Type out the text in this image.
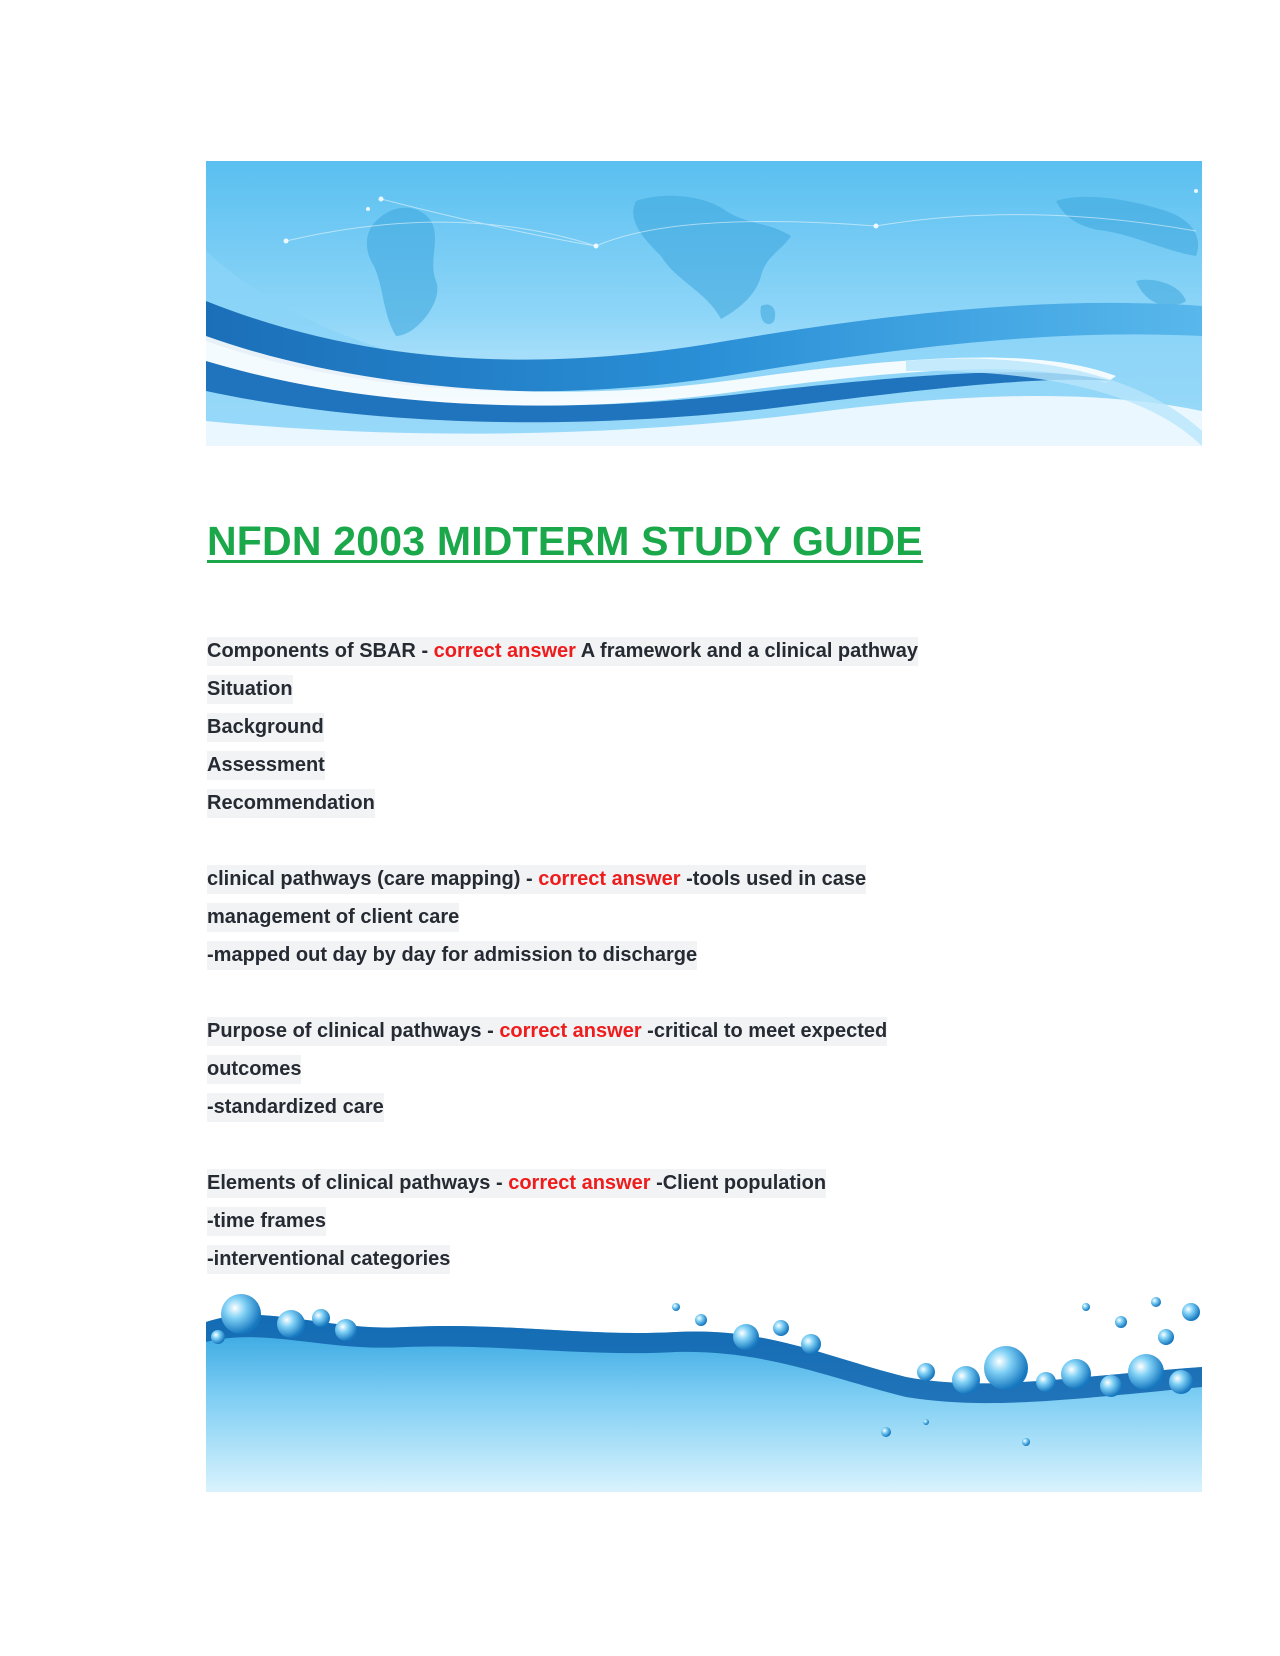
NFDN 2003 MIDTERM STUDY GUIDE
Components of SBAR - correct answer A framework and a clinical pathway
Situation
Background
Assessment
Recommendation
clinical pathways (care mapping) - correct answer -tools used in case
management of client care
-mapped out day by day for admission to discharge
Purpose of clinical pathways - correct answer -critical to meet expected
outcomes
-standardized care
Elements of clinical pathways - correct answer -Client population
-time frames
-interventional categories
